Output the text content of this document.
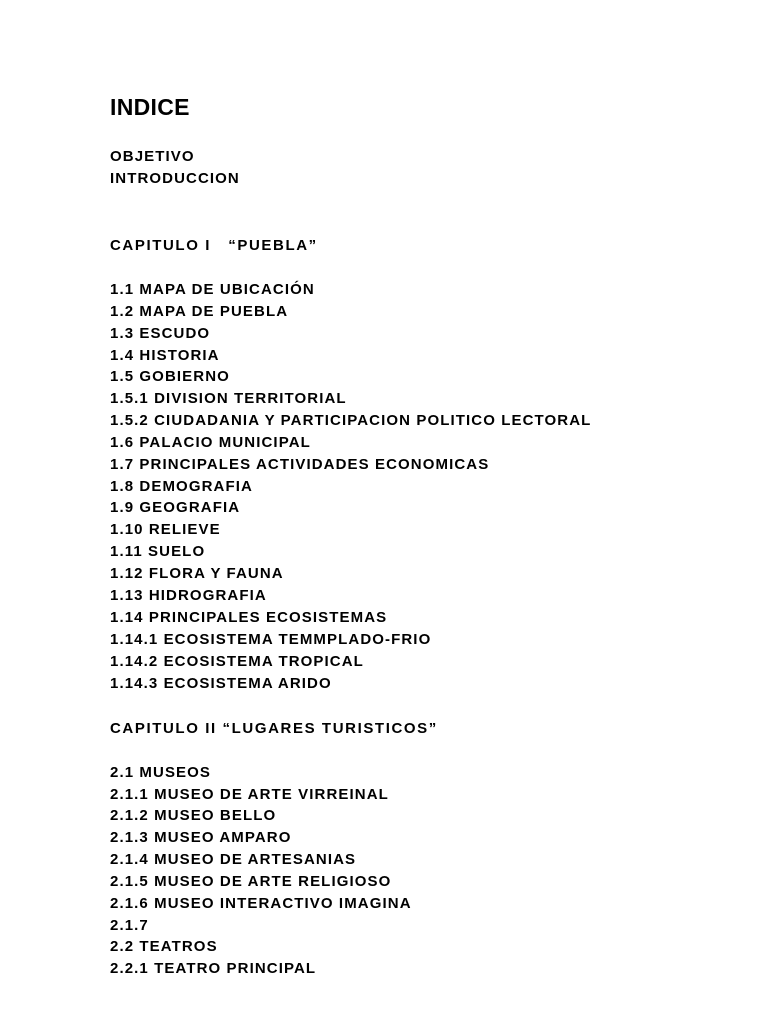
INDICE
OBJETIVO
INTRODUCCION
CAPITULO I   “PUEBLA”
1.1 MAPA DE UBICACIÓN
1.2 MAPA DE PUEBLA
1.3 ESCUDO
1.4 HISTORIA
1.5 GOBIERNO
1.5.1 DIVISION TERRITORIAL
1.5.2 CIUDADANIA Y PARTICIPACION POLITICO LECTORAL
1.6 PALACIO MUNICIPAL
1.7 PRINCIPALES ACTIVIDADES ECONOMICAS
1.8 DEMOGRAFIA
1.9 GEOGRAFIA
1.10 RELIEVE
1.11 SUELO
1.12 FLORA Y FAUNA
1.13 HIDROGRAFIA
1.14 PRINCIPALES ECOSISTEMAS
1.14.1 ECOSISTEMA TEMMPLADO-FRIO
1.14.2 ECOSISTEMA TROPICAL
1.14.3 ECOSISTEMA ARIDO
CAPITULO II “LUGARES TURISTICOS”
2.1 MUSEOS
2.1.1 MUSEO DE ARTE VIRREINAL
2.1.2 MUSEO BELLO
2.1.3 MUSEO AMPARO
2.1.4 MUSEO DE ARTESANIAS
2.1.5 MUSEO DE ARTE RELIGIOSO
2.1.6 MUSEO INTERACTIVO IMAGINA
2.1.7
2.2 TEATROS
2.2.1 TEATRO PRINCIPAL
